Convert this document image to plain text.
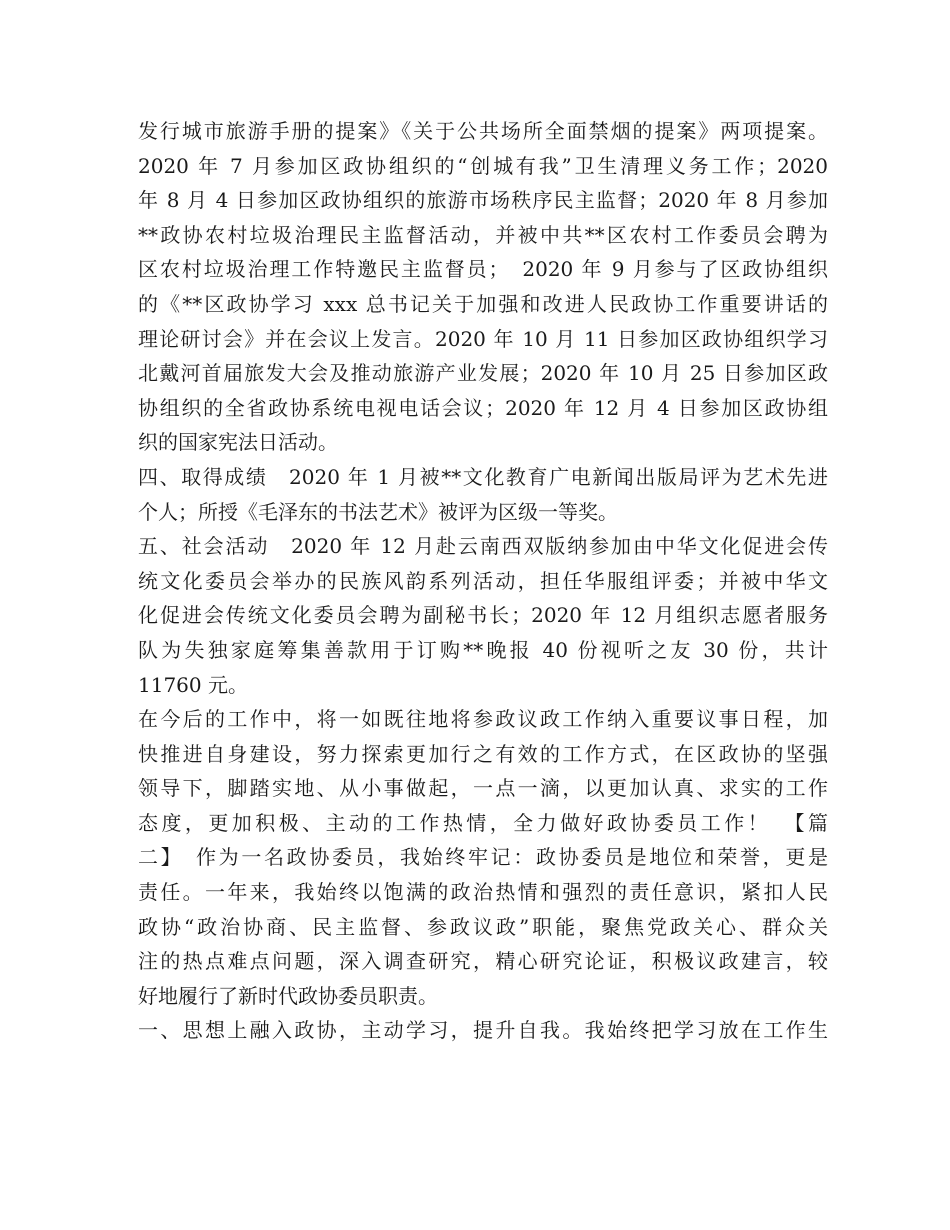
发行城市旅游手册的提案》《关于公共场所全面禁烟的提案》两项提案。
2020 年 7 月参加区政协组织的“创城有我”卫生清理义务工作；2020
年 8 月 4 日参加区政协组织的旅游市场秩序民主监督；2020 年 8 月参加
**政协农村垃圾治理民主监督活动，并被中共**区农村工作委员会聘为
区农村垃圾治理工作特邀民主监督员；　2020 年 9 月参与了区政协组织
的《**区政协学习 xxx 总书记关于加强和改进人民政协工作重要讲话的
理论研讨会》并在会议上发言。2020 年 10 月 11 日参加区政协组织学习
北戴河首届旅发大会及推动旅游产业发展；2020 年 10 月 25 日参加区政
协组织的全省政协系统电视电话会议；2020 年 12 月 4 日参加区政协组
织的国家宪法日活动。
四、取得成绩　2020 年 1 月被**文化教育广电新闻出版局评为艺术先进
个人；所授《毛泽东的书法艺术》被评为区级一等奖。
五、社会活动　2020 年 12 月赴云南西双版纳参加由中华文化促进会传
统文化委员会举办的民族风韵系列活动，担任华服组评委；并被中华文
化促进会传统文化委员会聘为副秘书长；2020 年 12 月组织志愿者服务
队为失独家庭筹集善款用于订购**晚报 40 份视听之友 30 份，共计
11760 元。
在今后的工作中，将一如既往地将参政议政工作纳入重要议事日程，加
快推进自身建设，努力探索更加行之有效的工作方式，在区政协的坚强
领导下，脚踏实地、从小事做起，一点一滴，以更加认真、求实的工作
态度，更加积极、主动的工作热情，全力做好政协委员工作！　【篇
二】　作为一名政协委员，我始终牢记：政协委员是地位和荣誉，更是
责任。一年来，我始终以饱满的政治热情和强烈的责任意识，紧扣人民
政协“政治协商、民主监督、参政议政”职能，聚焦党政关心、群众关
注的热点难点问题，深入调查研究，精心研究论证，积极议政建言，较
好地履行了新时代政协委员职责。
一、思想上融入政协，主动学习，提升自我。我始终把学习放在工作生
